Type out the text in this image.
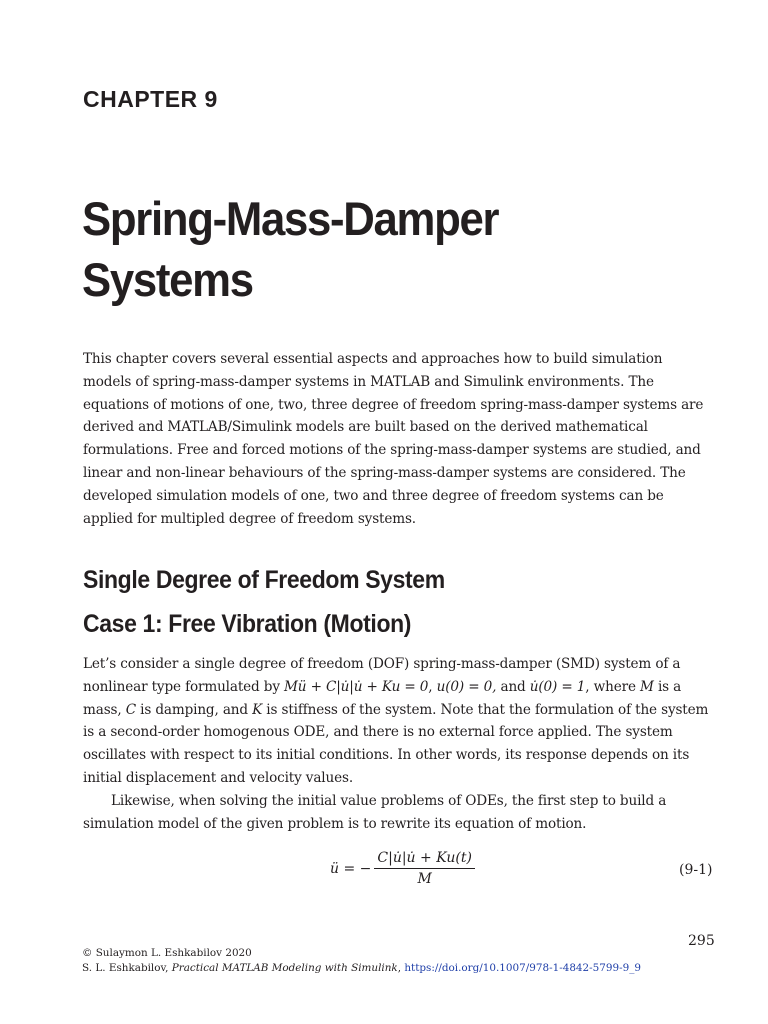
CHAPTER 9
Spring-Mass-Damper
Systems

This chapter covers several essential aspects and approaches how to build simulation models of spring-mass-damper systems in MATLAB and Simulink environments. The equations of motions of one, two, three degree of freedom spring-mass-damper systems are derived and MATLAB/Simulink models are built based on the derived mathematical formulations. Free and forced motions of the spring-mass-damper systems are studied, and linear and non-linear behaviours of the spring-mass-damper systems are considered. The developed simulation models of one, two and three degree of freedom systems can be applied for multipled degree of freedom systems.

Single Degree of Freedom System
Case 1: Free Vibration (Motion)

Let’s consider a single degree of freedom (DOF) spring-mass-damper (SMD) system of a nonlinear type formulated by Mü + C|u̇|u̇ + Ku = 0, u(0) = 0, and u̇(0) = 1, where M is a mass, C is damping, and K is stiffness of the system. Note that the formulation of the system is a second-order homogenous ODE, and there is no external force applied. The system oscillates with respect to its initial conditions. In other words, its response depends on its initial displacement and velocity values.

Likewise, when solving the initial value problems of ODEs, the first step to build a simulation model of the given problem is to rewrite its equation of motion.

ü = − $\frac{C|u̇|u̇ + Ku(t)}{M}$	(9-1)
295
© Sulaymon L. Eshkabilov 2020
S. L. Eshkabilov, Practical MATLAB Modeling with Simulink, https://doi.org/10.1007/978-1-4842-5799-9_9
